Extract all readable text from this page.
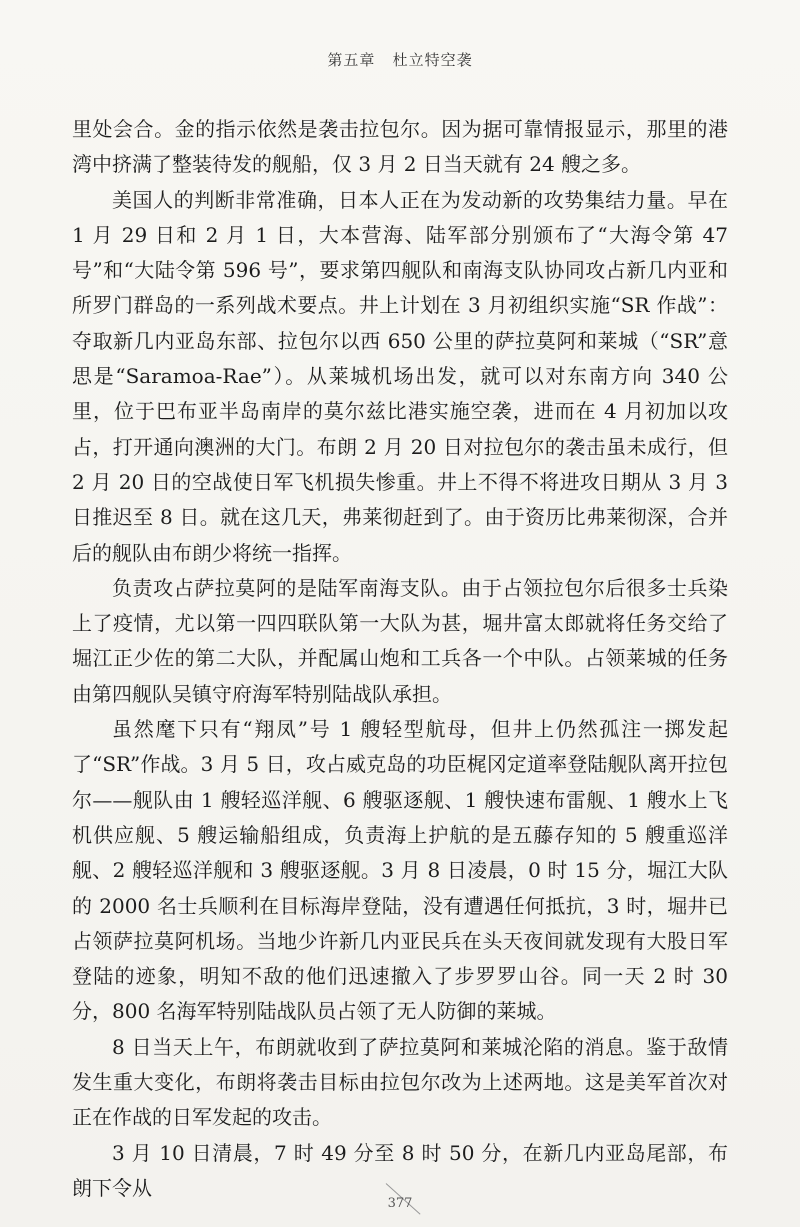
第五章 杜立特空袭

里处会合。金的指示依然是袭击拉包尔。因为据可靠情报显示，那里的港湾中挤满了整装待发的舰船，仅 3 月 2 日当天就有 24 艘之多。

美国人的判断非常准确，日本人正在为发动新的攻势集结力量。早在 1 月 29 日和 2 月 1 日，大本营海、陆军部分别颁布了“大海令第 47 号”和“大陆令第 596 号”，要求第四舰队和南海支队协同攻占新几内亚和所罗门群岛的一系列战术要点。井上计划在 3 月初组织实施“SR 作战”：夺取新几内亚岛东部、拉包尔以西 650 公里的萨拉莫阿和莱城（“SR”意思是“Saramoa-Rae”）。从莱城机场出发，就可以对东南方向 340 公里，位于巴布亚半岛南岸的莫尔兹比港实施空袭，进而在 4 月初加以攻占，打开通向澳洲的大门。布朗 2 月 20 日对拉包尔的袭击虽未成行，但 2 月 20 日的空战使日军飞机损失惨重。井上不得不将进攻日期从 3 月 3 日推迟至 8 日。就在这几天，弗莱彻赶到了。由于资历比弗莱彻深，合并后的舰队由布朗少将统一指挥。

负责攻占萨拉莫阿的是陆军南海支队。由于占领拉包尔后很多士兵染上了疫情，尤以第一四四联队第一大队为甚，堀井富太郎就将任务交给了堀江正少佐的第二大队，并配属山炮和工兵各一个中队。占领莱城的任务由第四舰队吴镇守府海军特别陆战队承担。

虽然麾下只有“翔凤”号 1 艘轻型航母，但井上仍然孤注一掷发起了“SR”作战。3 月 5 日，攻占威克岛的功臣梶冈定道率登陆舰队离开拉包尔——舰队由 1 艘轻巡洋舰、6 艘驱逐舰、1 艘快速布雷舰、1 艘水上飞机供应舰、5 艘运输船组成，负责海上护航的是五藤存知的 5 艘重巡洋舰、2 艘轻巡洋舰和 3 艘驱逐舰。3 月 8 日凌晨，0 时 15 分，堀江大队的 2000 名士兵顺利在目标海岸登陆，没有遭遇任何抵抗，3 时，堀井已占领萨拉莫阿机场。当地少许新几内亚民兵在头天夜间就发现有大股日军登陆的迹象，明知不敌的他们迅速撤入了步罗罗山谷。同一天 2 时 30 分，800 名海军特别陆战队员占领了无人防御的莱城。

8 日当天上午，布朗就收到了萨拉莫阿和莱城沦陷的消息。鉴于敌情发生重大变化，布朗将袭击目标由拉包尔改为上述两地。这是美军首次对正在作战的日军发起的攻击。

3 月 10 日清晨，7 时 49 分至 8 时 50 分，在新几内亚岛尾部，布朗下令从

377
